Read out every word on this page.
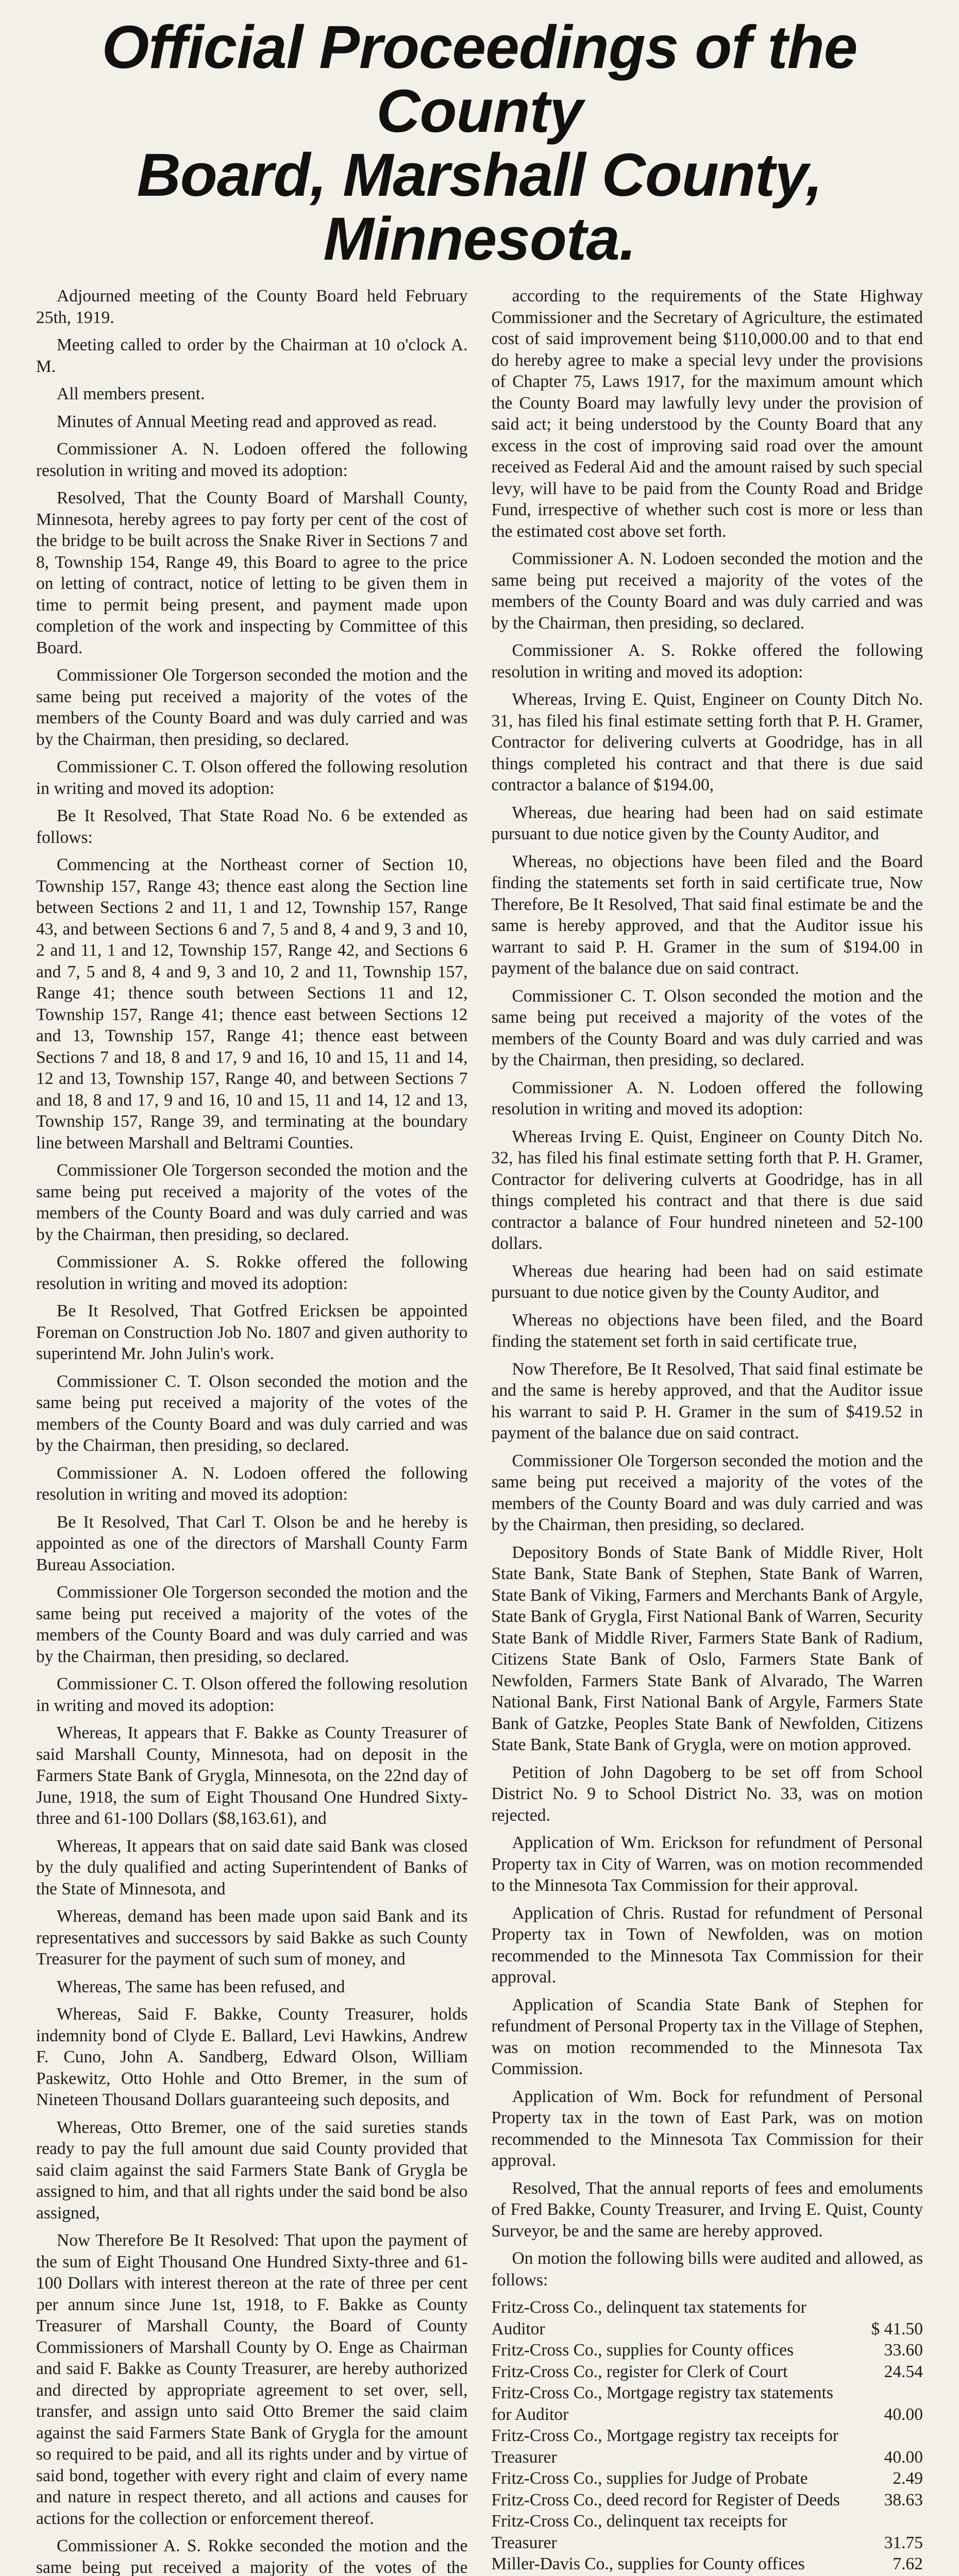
Official Proceedings of the County
Board, Marshall County,
Minnesota.

Adjourned meeting of the County Board held February 25th, 1919.

Meeting called to order by the Chairman at 10 o'clock A. M.

All members present.

Minutes of Annual Meeting read and approved as read.

Commissioner A. N. Lodoen offered the following resolution in writing and moved its adoption:

Resolved, That the County Board of Marshall County, Minnesota, hereby agrees to pay forty per cent of the cost of the bridge to be built across the Snake River in Sections 7 and 8, Township 154, Range 49, this Board to agree to the price on letting of contract, notice of letting to be given them in time to permit being present, and payment made upon completion of the work and inspecting by Committee of this Board.

Commissioner Ole Torgerson seconded the motion and the same being put received a majority of the votes of the members of the County Board and was duly carried and was by the Chairman, then presiding, so declared.

Commissioner C. T. Olson offered the following resolution in writing and moved its adoption:

Be It Resolved, That State Road No. 6 be extended as follows:

Commencing at the Northeast corner of Section 10, Township 157, Range 43; thence east along the Section line between Sections 2 and 11, 1 and 12, Township 157, Range 43, and between Sections 6 and 7, 5 and 8, 4 and 9, 3 and 10, 2 and 11, 1 and 12, Township 157, Range 42, and Sections 6 and 7, 5 and 8, 4 and 9, 3 and 10, 2 and 11, Township 157, Range 41; thence south between Sections 11 and 12, Township 157, Range 41; thence east between Sections 12 and 13, Township 157, Range 41; thence east between Sections 7 and 18, 8 and 17, 9 and 16, 10 and 15, 11 and 14, 12 and 13, Township 157, Range 40, and between Sections 7 and 18, 8 and 17, 9 and 16, 10 and 15, 11 and 14, 12 and 13, Township 157, Range 39, and terminating at the boundary line between Marshall and Beltrami Counties.

Commissioner Ole Torgerson seconded the motion and the same being put received a majority of the votes of the members of the County Board and was duly carried and was by the Chairman, then presiding, so declared.

Commissioner A. S. Rokke offered the following resolution in writing and moved its adoption:

Be It Resolved, That Gotfred Ericksen be appointed Foreman on Construction Job No. 1807 and given authority to superintend Mr. John Julin's work.

Commissioner C. T. Olson seconded the motion and the same being put received a majority of the votes of the members of the County Board and was duly carried and was by the Chairman, then presiding, so declared.

Commissioner A. N. Lodoen offered the following resolution in writing and moved its adoption:

Be It Resolved, That Carl T. Olson be and he hereby is appointed as one of the directors of Marshall County Farm Bureau Association.

Commissioner Ole Torgerson seconded the motion and the same being put received a majority of the votes of the members of the County Board and was duly carried and was by the Chairman, then presiding, so declared.

Commissioner C. T. Olson offered the following resolution in writing and moved its adoption:

Whereas, It appears that F. Bakke as County Treasurer of said Marshall County, Minnesota, had on deposit in the Farmers State Bank of Grygla, Minnesota, on the 22nd day of June, 1918, the sum of Eight Thousand One Hundred Sixty-three and 61-100 Dollars ($8,163.61), and

Whereas, It appears that on said date said Bank was closed by the duly qualified and acting Superintendent of Banks of the State of Minnesota, and

Whereas, demand has been made upon said Bank and its representatives and successors by said Bakke as such County Treasurer for the payment of such sum of money, and

Whereas, The same has been refused, and

Whereas, Said F. Bakke, County Treasurer, holds indemnity bond of Clyde E. Ballard, Levi Hawkins, Andrew F. Cuno, John A. Sandberg, Edward Olson, William Paskewitz, Otto Hohle and Otto Bremer, in the sum of Nineteen Thousand Dollars guaranteeing such deposits, and

Whereas, Otto Bremer, one of the said sureties stands ready to pay the full amount due said County provided that said claim against the said Farmers State Bank of Grygla be assigned to him, and that all rights under the said bond be also assigned,

Now Therefore Be It Resolved: That upon the payment of the sum of Eight Thousand One Hundred Sixty-three and 61-100 Dollars with interest thereon at the rate of three per cent per annum since June 1st, 1918, to F. Bakke as County Treasurer of Marshall County, the Board of County Commissioners of Marshall County by O. Enge as Chairman and said F. Bakke as County Treasurer, are hereby authorized and directed by appropriate agreement to set over, sell, transfer, and assign unto said Otto Bremer the said claim against the said Farmers State Bank of Grygla for the amount so required to be paid, and all its rights under and by virtue of said bond, together with every right and claim of every name and nature in respect thereto, and all actions and causes for actions for the collection or enforcement thereof.

Commissioner A. S. Rokke seconded the motion and the same being put received a majority of the votes of the

according to the requirements of the State Highway Commissioner and the Secretary of Agriculture, the estimated cost of said improvement being $110,000.00 and to that end do hereby agree to make a special levy under the provisions of Chapter 75, Laws 1917, for the maximum amount which the County Board may lawfully levy under the provision of said act; it being understood by the County Board that any excess in the cost of improving said road over the amount received as Federal Aid and the amount raised by such special levy, will have to be paid from the County Road and Bridge Fund, irrespective of whether such cost is more or less than the estimated cost above set forth.

Commissioner A. N. Lodoen seconded the motion and the same being put received a majority of the votes of the members of the County Board and was duly carried and was by the Chairman, then presiding, so declared.

Commissioner A. S. Rokke offered the following resolution in writing and moved its adoption:

Whereas, Irving E. Quist, Engineer on County Ditch No. 31, has filed his final estimate setting forth that P. H. Gramer, Contractor for delivering culverts at Goodridge, has in all things completed his contract and that there is due said contractor a balance of $194.00,

Whereas, due hearing had been had on said estimate pursuant to due notice given by the County Auditor, and

Whereas, no objections have been filed and the Board finding the statements set forth in said certificate true, Now Therefore, Be It Resolved, That said final estimate be and the same is hereby approved, and that the Auditor issue his warrant to said P. H. Gramer in the sum of $194.00 in payment of the balance due on said contract.

Commissioner C. T. Olson seconded the motion and the same being put received a majority of the votes of the members of the County Board and was duly carried and was by the Chairman, then presiding, so declared.

Commissioner A. N. Lodoen offered the following resolution in writing and moved its adoption:

Whereas Irving E. Quist, Engineer on County Ditch No. 32, has filed his final estimate setting forth that P. H. Gramer, Contractor for delivering culverts at Goodridge, has in all things completed his contract and that there is due said contractor a balance of Four hundred nineteen and 52-100 dollars.

Whereas due hearing had been had on said estimate pursuant to due notice given by the County Auditor, and

Whereas no objections have been filed, and the Board finding the statement set forth in said certificate true,

Now Therefore, Be It Resolved, That said final estimate be and the same is hereby approved, and that the Auditor issue his warrant to said P. H. Gramer in the sum of $419.52 in payment of the balance due on said contract.

Commissioner Ole Torgerson seconded the motion and the same being put received a majority of the votes of the members of the County Board and was duly carried and was by the Chairman, then presiding, so declared.

Depository Bonds of State Bank of Middle River, Holt State Bank, State Bank of Stephen, State Bank of Warren, State Bank of Viking, Farmers and Merchants Bank of Argyle, State Bank of Grygla, First National Bank of Warren, Security State Bank of Middle River, Farmers State Bank of Radium, Citizens State Bank of Oslo, Farmers State Bank of Newfolden, Farmers State Bank of Alvarado, The Warren National Bank, First National Bank of Argyle, Farmers State Bank of Gatzke, Peoples State Bank of Newfolden, Citizens State Bank, State Bank of Grygla, were on motion approved.

Petition of John Dagoberg to be set off from School District No. 9 to School District No. 33, was on motion rejected.

Application of Wm. Erickson for refundment of Personal Property tax in City of Warren, was on motion recommended to the Minnesota Tax Commission for their approval.

Application of Chris. Rustad for refundment of Personal Property tax in Town of Newfolden, was on motion recommended to the Minnesota Tax Commission for their approval.

Application of Scandia State Bank of Stephen for refundment of Personal Property tax in the Village of Stephen, was on motion recommended to the Minnesota Tax Commission.

Application of Wm. Bock for refundment of Personal Property tax in the town of East Park, was on motion recommended to the Minnesota Tax Commission for their approval.

Resolved, That the annual reports of fees and emoluments of Fred Bakke, County Treasurer, and Irving E. Quist, County Surveyor, be and the same are hereby approved.

On motion the following bills were audited and allowed, as follows:

Fritz-Cross Co., delinquent tax statements for Auditor	$ 41.50
Fritz-Cross Co., supplies for County offices	33.60
Fritz-Cross Co., register for Clerk of Court	24.54
Fritz-Cross Co., Mortgage registry tax statements for Auditor	40.00
Fritz-Cross Co., Mortgage registry tax receipts for Treasurer	40.00
Fritz-Cross Co., supplies for Judge of Probate	2.49
Fritz-Cross Co., deed record for Register of Deeds	38.63
Fritz-Cross Co., delinquent tax receipts for Treasurer	31.75
Miller-Davis Co., supplies for County offices	7.62
